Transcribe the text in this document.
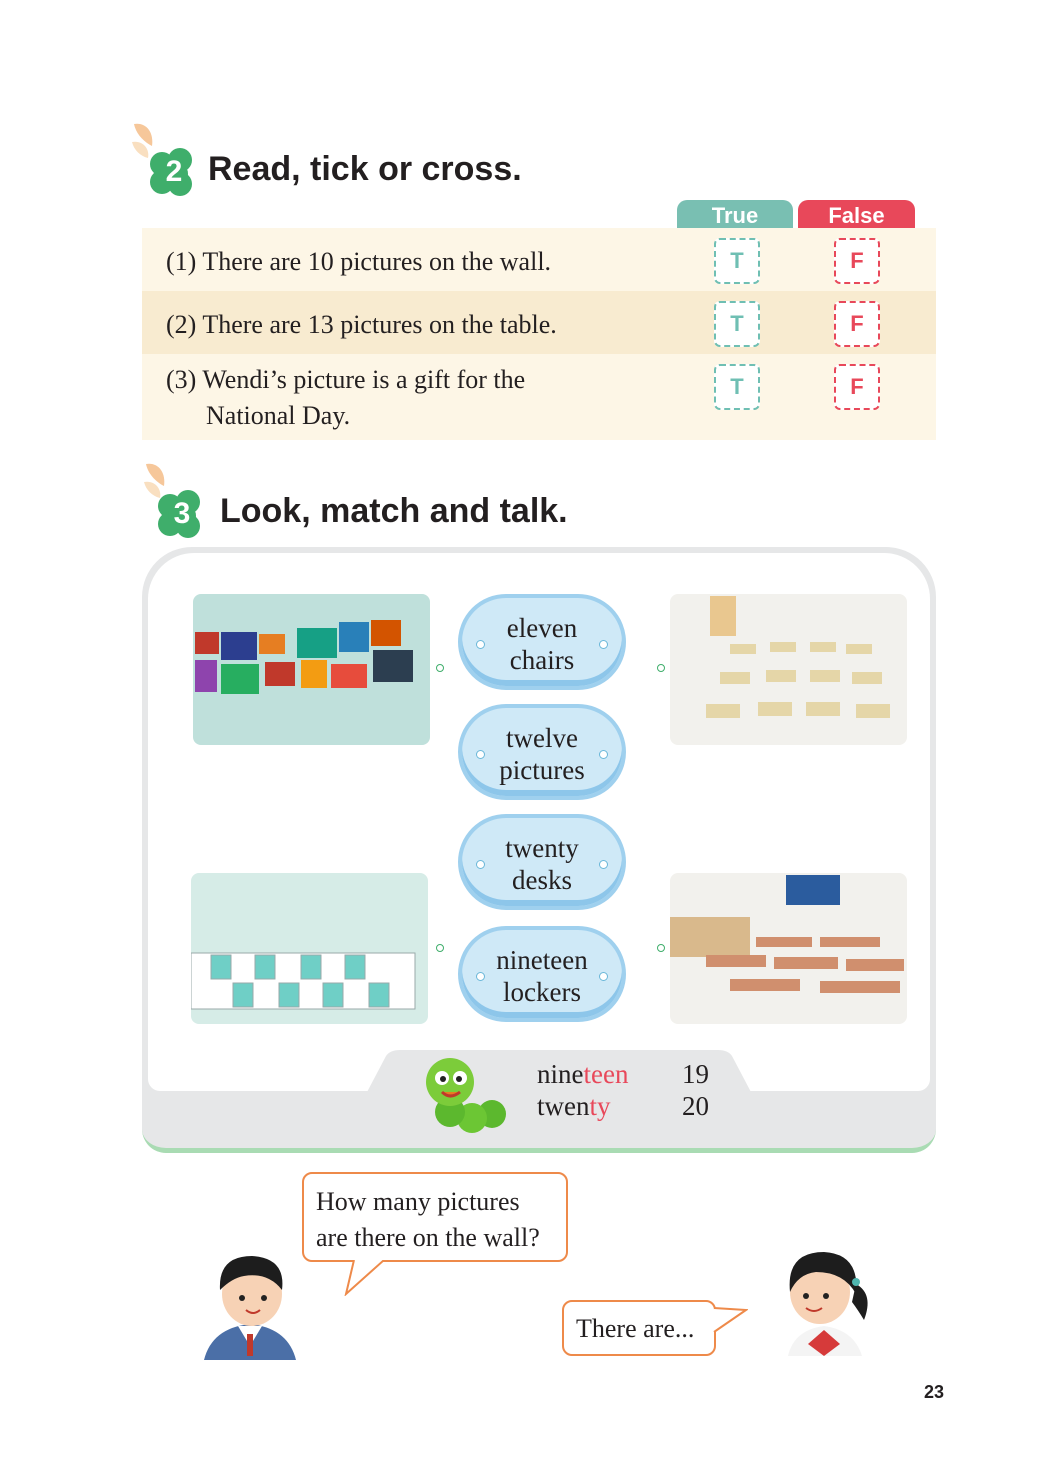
2 Read, tick or cross.
True	False
(1) There are 10 pictures on the wall.	T	F
(2) There are 13 pictures on the table.	T	F
(3) Wendi’s picture is a gift for the
National Day.
T	F
3 Look, match and talk.
eleven
chairs
twelve
pictures
twenty
desks
nineteen
lockers
nineteen 19
twenty	20
How many pictures
are there on the wall?
There are...
23
